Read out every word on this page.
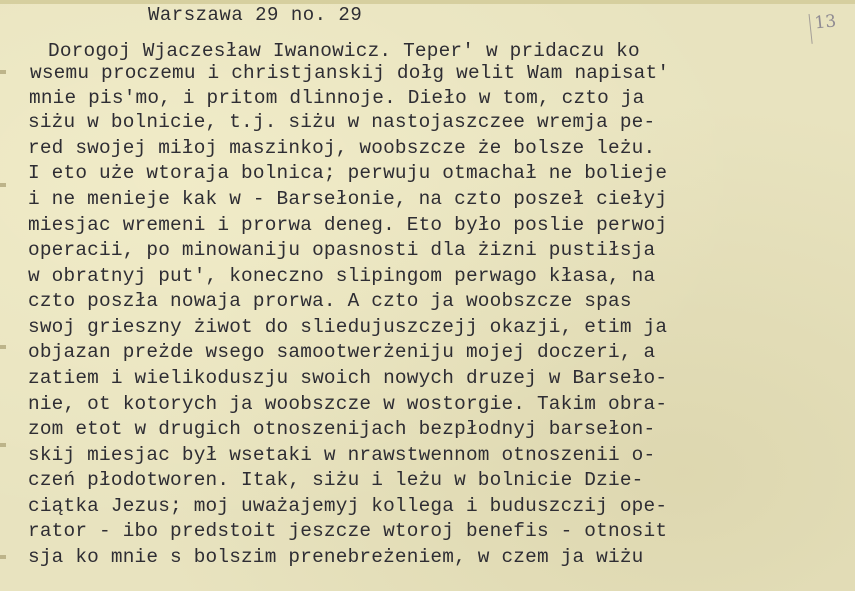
Warszawa 29 no. 29	13
Dorogoj Wjaczesław Iwanowicz. Teper' w pridaczu ko
wsemu proczemu i christjanskij dołg welit Wam napisat'
mnie pis'mo, i pritom dlinnoje. Dieło w tom, czto ja
siżu w bolnicie, t.j. siżu w nastojaszczee wremja pe-
red swojej miłoj maszinkoj, woobszcze że bolsze leżu.
I eto uże wtoraja bolnica; perwuju otmachał ne bolieje
i ne menieje kak w - Barsełonie, na czto poszeł ciełyj
miesjac wremeni i prorwa deneg. Eto było poslie perwoj
operacii, po minowaniju opasnosti dla żizni pustiłsja
w obratnyj put', koneczno slipingom perwago kłasa, na
czto poszła nowaja prorwa. A czto ja woobszcze spas
swoj grieszny żiwot do sliedujuszczejj okazji, etim ja
objazan preżde wsego samootwerżeniju mojej doczeri, a
zatiem i wielikoduszju swoich nowych druzej w Barseło-
nie, ot kotorych ja woobszcze w wostorgie. Takim obra-
zom etot w drugich otnoszenijach bezpłodnyj barsełon-
skij miesjac był wsetaki w nrawstwennom otnoszenii o-
czeń płodotworen. Itak, siżu i leżu w bolnicie Dzie-
ciątka Jezus; moj uważajemyj kollega i buduszczij ope-
rator - ibo predstoit jeszcze wtoroj benefis - otnosit
sja ko mnie s bolszim prenebrеżeniem, w czem ja wiżu
